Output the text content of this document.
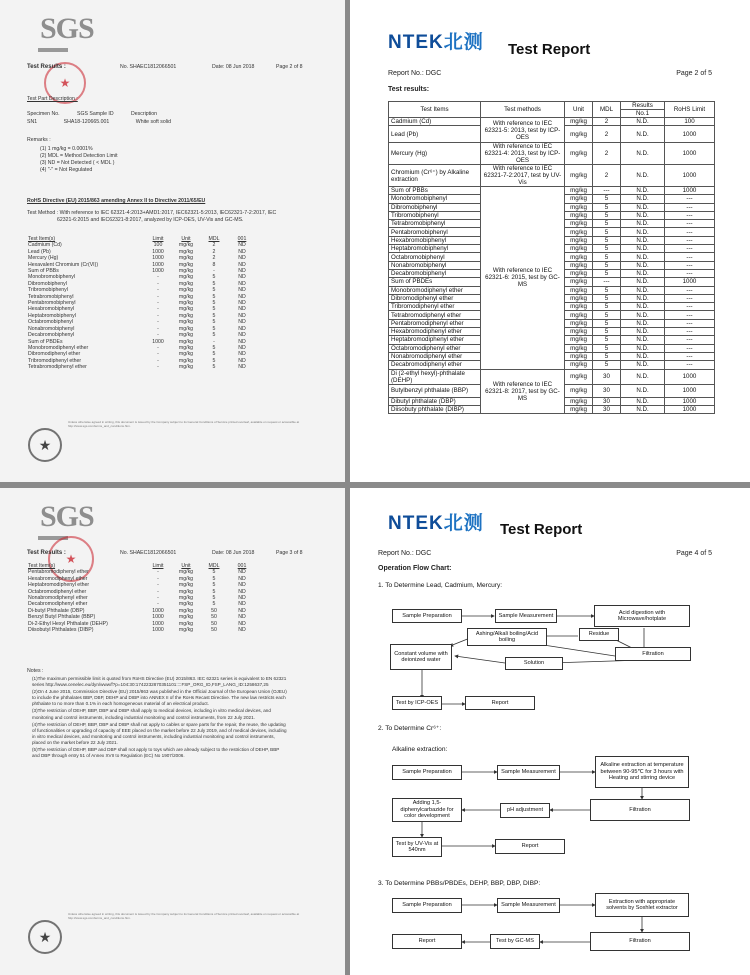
SGS
★
No. SHAEC1812066501	Date: 08 Jun 2018	Page 2 of 8
Test Results :
Test Part Description :
Specimen No.	SGS Sample ID	Description
SN1	SHA18-120665.001	White soft solid
Remarks :
(1) 1 mg/kg = 0.0001%
(2) MDL = Method Detection Limit
(3) ND = Not Detected ( < MDL )
(4) "-" = Not Regulated
RoHS Directive (EU) 2015/863 amending Annex II to Directive 2011/65/EU
Test Method : With reference to IEC 62321-4:2013+AMD1:2017, IEC62321-5:2013, IEC62321-7-2:2017, IEC
62321-6:2015 and IEC62321-8:2017, analyzed by ICP-OES, UV-Vis and GC-MS.
Test Item(s)	Limit	Unit	MDL	001
Cadmium (Cd)	100	mg/kg	2	ND
Lead (Pb)	1000	mg/kg	2	ND
Mercury (Hg)	1000	mg/kg	2	ND
Hexavalent Chromium (Cr(VI))	1000	mg/kg	8	ND
Sum of PBBs	1000	mg/kg	-	ND
Monobromobiphenyl	-	mg/kg	5	ND
Dibromobiphenyl	-	mg/kg	5	ND
Tribromobiphenyl	-	mg/kg	5	ND
Tetrabromobiphenyl	-	mg/kg	5	ND
Pentabromobiphenyl	-	mg/kg	5	ND
Hexabromobiphenyl	-	mg/kg	5	ND
Heptabromobiphenyl	-	mg/kg	5	ND
Octabromobiphenyl	-	mg/kg	5	ND
Nonabromobiphenyl	-	mg/kg	5	ND
Decabromobiphenyl	-	mg/kg	5	ND
Sum of PBDEs	1000	mg/kg	-	ND
Monobromodiphenyl ether	-	mg/kg	5	ND
Dibromodiphenyl ether	-	mg/kg	5	ND
Tribromodiphenyl ether	-	mg/kg	5	ND
Tetrabromodiphenyl ether	-	mg/kg	5	ND
★
Unless otherwise agreed in writing, this document is issued by the Company subject to its General Conditions of Service printed overleaf, available on request or accessible at http://www.sgs.com/terms_and_conditions.htm.
SGS
★
Test Results :	No. SHAEC1812066501	Date: 08 Jun 2018	Page 3 of 8
Test Item(s)	Limit	Unit	MDL	001
Pentabromodiphenyl ether	-	mg/kg	5	ND
Hexabromodiphenyl ether	-	mg/kg	5	ND
Heptabromodiphenyl ether	-	mg/kg	5	ND
Octabromodiphenyl ether	-	mg/kg	5	ND
Nonabromodiphenyl ether	-	mg/kg	5	ND
Decabromodiphenyl ether	-	mg/kg	5	ND
Di-butyl Phthalate (DBP)	1000	mg/kg	50	ND
Benzyl Butyl Phthalate (BBP)	1000	mg/kg	50	ND
Di-2-Ethyl Hexyl Phthalate (DEHP)	1000	mg/kg	50	ND
Diisobutyl Phthalates (DIBP)	1000	mg/kg	50	ND
Notes :
(1)The maximum permissible limit is quoted from RoHS Directive (EU) 2015/863. IEC 62321 series is equivalent to EN 62321 series http://www.cenelec.eu/dyn/www/f?p=104:30:1742232870351101::::FSP_ORG_ID,FSP_LANG_ID:1258637,25
(2)On 4 June 2015, Commission Directive (EU) 2015/863 was published in the Official Journal of the European Union (OJEU) to include the phthalates BBP, DBP, DEHP and DIBP into ANNEX II of the RoHs Recast Directive. The new law restricts each phthalate to no more than 0.1% in each homogeneous material of an electrical product.
(3)The restriction of DEHP, BBP, DBP and DIBP shall apply to medical devices, including in vitro medical devices, and monitoring and control instruments, including industrial monitoring and control instruments, from 22 July 2021.
(4)The restriction of DEHP, BBP, DBP and DIBP shall not apply to cables or spare parts for the repair, the reuse, the updating of functionalities or upgrading of capacity of EEE placed on the market before 22 July 2019, and of medical devices, including in vitro medical devices, and monitoring and control instruments, including industrial monitoring and control instruments, placed on the market before 22 July 2021.
(5)The restriction of DEHP, BBP and DBP shall not apply to toys which are already subject to the restriction of DEHP, BBP and DBP through entry 51 of Annex XVII to Regulation (EC) No 1907/2006.
★
Unless otherwise agreed in writing, this document is issued by the Company subject to its General Conditions of Service printed overleaf, available on request or accessible at http://www.sgs.com/terms_and_conditions.htm.
NTEK北测 Test Report
Report No.: DGC	Page 2 of 5
Test results:
Test Items	Test methods	Unit	MDL	Results	RoHS Limit
				No.1	
Cadmium (Cd)	With reference to IEC 62321-5: 2013, test by ICP-OES	mg/kg	2	N.D.	100
Lead (Pb)		mg/kg	2	N.D.	1000
Mercury (Hg)	With reference to IEC 62321-4: 2013, test by ICP-OES	mg/kg	2	N.D.	1000
Chromium (Cr⁶⁺) by Alkaline extraction	With reference to IEC 62321-7-2:2017, test by UV-Vis	mg/kg	2	N.D.	1000
Sum of PBBs	With reference to IEC 62321-6: 2015, test by GC-MS	mg/kg	---	N.D.	1000
Monobromobiphenyl		mg/kg	5	N.D.	---
Dibromobiphenyl		mg/kg	5	N.D.	---
Tribromobiphenyl		mg/kg	5	N.D.	---
Tetrabromobiphenyl		mg/kg	5	N.D.	---
Pentabromobiphenyl		mg/kg	5	N.D.	---
Hexabromobiphenyl		mg/kg	5	N.D.	---
Heptabromobiphenyl		mg/kg	5	N.D.	---
Octabromobiphenyl		mg/kg	5	N.D.	---
Nonabromobiphenyl		mg/kg	5	N.D.	---
Decabromobiphenyl		mg/kg	5	N.D.	---
Sum of PBDEs		mg/kg	---	N.D.	1000
Monobromodiphenyl ether		mg/kg	5	N.D.	---
Dibromodiphenyl ether		mg/kg	5	N.D.	---
Tribromodiphenyl ether		mg/kg	5	N.D.	---
Tetrabromodiphenyl ether		mg/kg	5	N.D.	---
Pentabromodiphenyl ether		mg/kg	5	N.D.	---
Hexabromodiphenyl ether		mg/kg	5	N.D.	---
Heptabromodiphenyl ether		mg/kg	5	N.D.	---
Octabromodiphenyl ether		mg/kg	5	N.D.	---
Nonabromodiphenyl ether		mg/kg	5	N.D.	---
Decabromodiphenyl ether		mg/kg	5	N.D.	---
Di (2-ethyl hexyl)-phthalate (DEHP)	With reference to IEC 62321-8: 2017, test by GC-MS	mg/kg	30	N.D.	1000
Butylbenzyl phthalate (BBP)		mg/kg	30	N.D.	1000
Dibutyl phthalate (DBP)		mg/kg	30	N.D.	1000
Diisobuty phthalate (DIBP)		mg/kg	30	N.D.	1000
NTEK北测 Test Report
Report No.: DGC	Page 4 of 5
Operation Flow Chart:
1. To Determine Lead, Cadmium, Mercury:
Sample Preparation	Sample Measurement
Acid digestion with Microwave/hotplate
Residue
Ashing/Alkali boiling/Acid boiling
Constant volume with deionized water
Filtration
Solution
Test by ICP-OES	Report
2. To Determine Cr⁶⁺:
Alkaline extraction:
Sample Preparation	Sample Measurement
Alkaline extraction at temperature between 90-95℃ for 3 hours with Heating and stirring device
Filtration
pH adjustment
Adding 1,5-diphenylcarbazide for color development
Test by UV-Vis at 540nm
Report
3. To Determine PBBs/PBDEs, DEHP, BBP, DBP, DIBP:
Sample Preparation	Sample Measurement
Extraction with appropriate solvents by Soxhlet extractor
Report	Test by GC-MS	Filtration
